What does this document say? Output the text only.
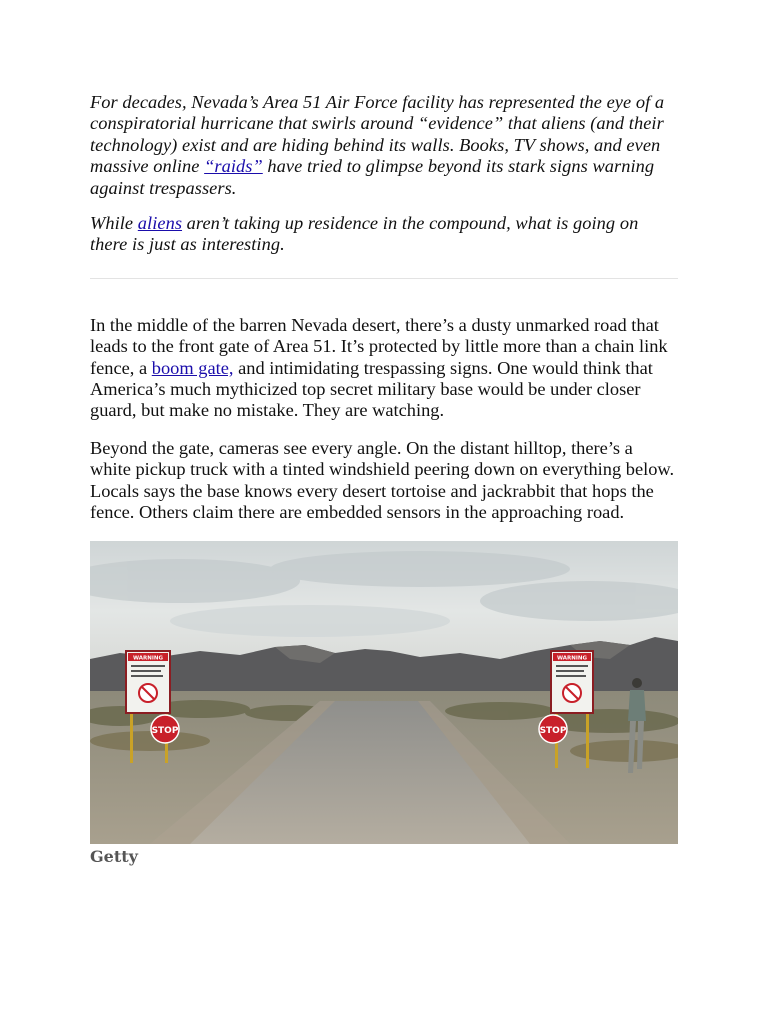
For decades, Nevada’s Area 51 Air Force facility has represented the eye of a conspiratorial hurricane that swirls around “evidence” that aliens (and their technology) exist and are hiding behind its walls. Books, TV shows, and even massive online “raids” have tried to glimpse beyond its stark signs warning against trespassers.

While aliens aren’t taking up residence in the compound, what is going on there is just as interesting.

In the middle of the barren Nevada desert, there’s a dusty unmarked road that leads to the front gate of Area 51. It’s protected by little more than a chain link fence, a boom gate, and intimidating trespassing signs. One would think that America’s much mythicized top secret military base would be under closer guard, but make no mistake. They are watching.

Beyond the gate, cameras see every angle. On the distant hilltop, there’s a white pickup truck with a tinted windshield peering down on everything below. Locals says the base knows every desert tortoise and jackrabbit that hops the fence. Others claim there are embedded sensors in the approaching road.

WARNING
STOP
WARNING
STOP
Getty
